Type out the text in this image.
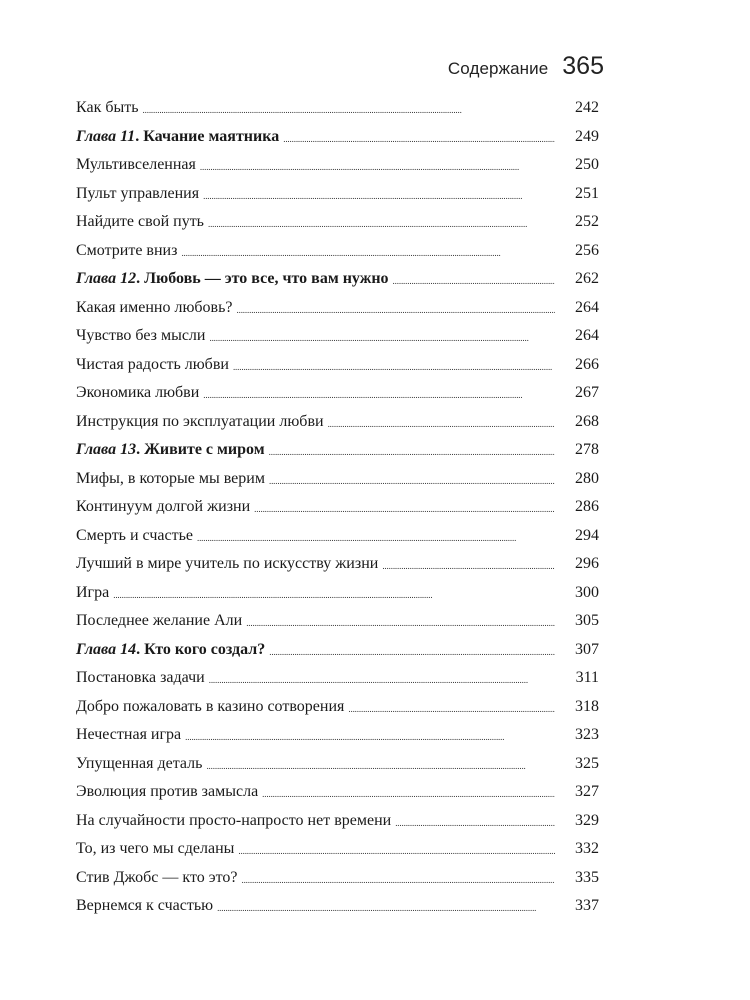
Содержание 365
Как быть . . .	242
Глава 11. Качание маятника . . .	249
Мультивселенная . . .	250
Пульт управления . . .	251
Найдите свой путь . . .	252
Смотрите вниз . . .	256
Глава 12. Любовь — это все, что вам нужно . . .	262
Какая именно любовь? . . .	264
Чувство без мысли . . .	264
Чистая радость любви . . .	266
Экономика любви . . .	267
Инструкция по эксплуатации любви . . .	268
Глава 13. Живите с миром . . .	278
Мифы, в которые мы верим . . .	280
Континуум долгой жизни . . .	286
Смерть и счастье . . .	294
Лучший в мире учитель по искусству жизни . . .	296
Игра . . .	300
Последнее желание Али . . .	305
Глава 14. Кто кого создал? . . .	307
Постановка задачи . . .	311
Добро пожаловать в казино сотворения . . .	318
Нечестная игра . . .	323
Упущенная деталь . . .	325
Эволюция против замысла . . .	327
На случайности просто-напросто нет времени . . .	329
То, из чего мы сделаны . . .	332
Стив Джобс — кто это? . . .	335
Вернемся к счастью . . .	337
